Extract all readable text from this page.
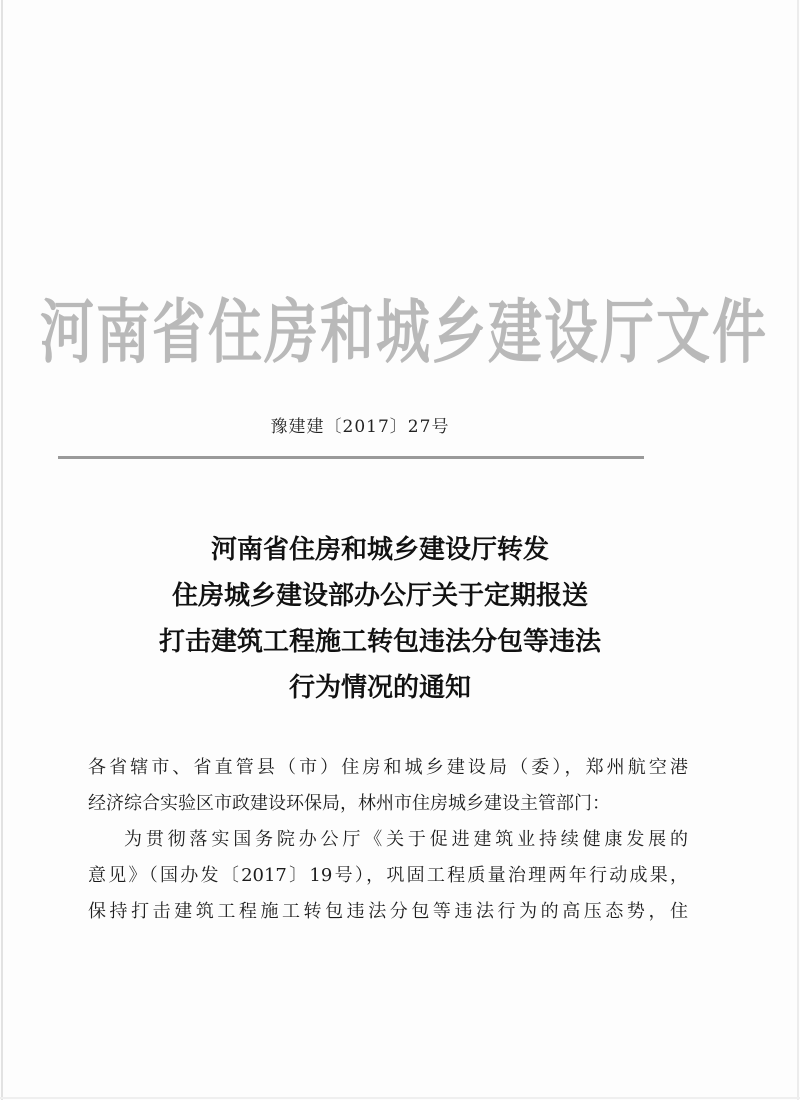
河南省住房和城乡建设厅文件
豫建建〔2017〕27号
河南省住房和城乡建设厅转发
住房城乡建设部办公厅关于定期报送
打击建筑工程施工转包违法分包等违法
行为情况的通知

各省辖市、省直管县（市）住房和城乡建设局（委），郑州航空港

经济综合实验区市政建设环保局，林州市住房城乡建设主管部门：

为贯彻落实国务院办公厅《关于促进建筑业持续健康发展的

意见》（国办发〔2017〕19号），巩固工程质量治理两年行动成果，

保持打击建筑工程施工转包违法分包等违法行为的高压态势，住
